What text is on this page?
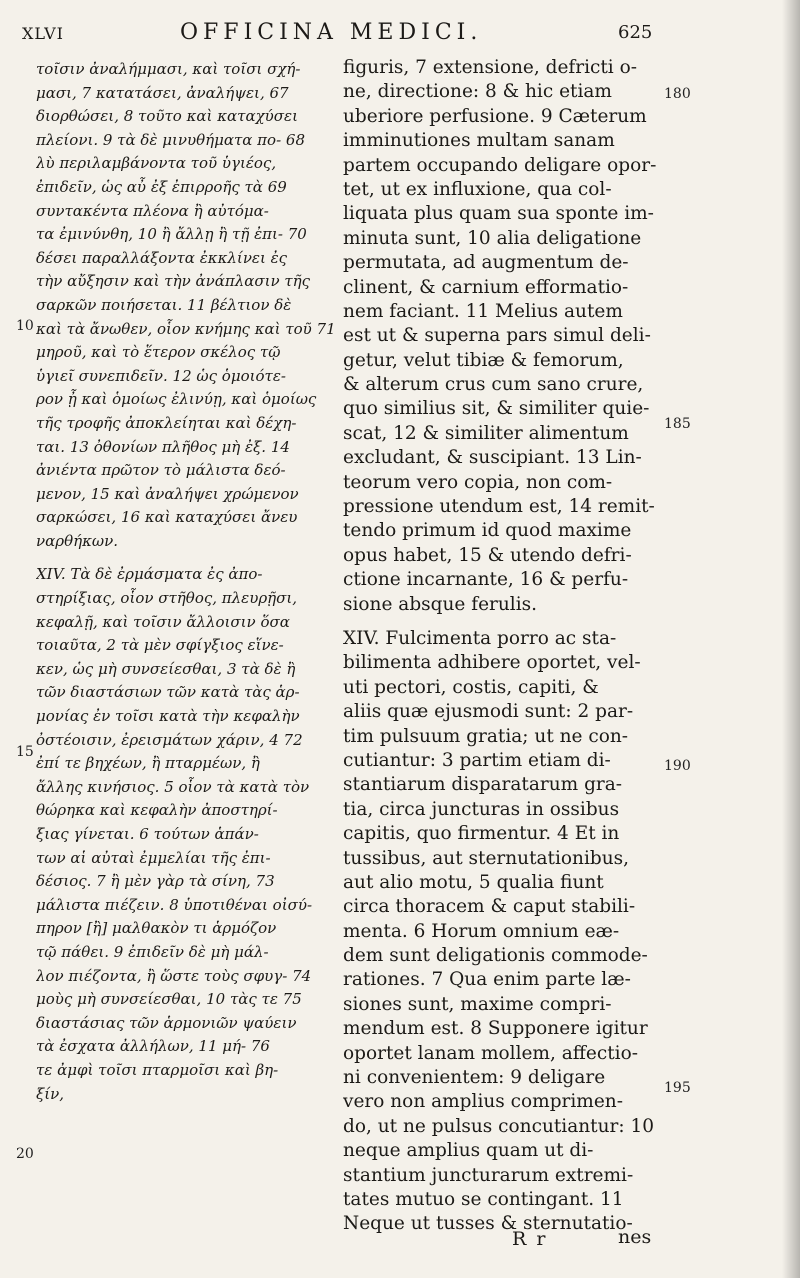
XLVI	OFFICINA MEDICI.	625
τοῖσιν ἀναλήμμασι, καὶ τοῖσι σχή-
μασι, 7 κατατάσει, ἀναλήψει, 67
διορθώσει, 8 τοῦτο καὶ καταχύσει
πλείονι. 9 τὰ δὲ μινυθήματα πο- 68
λὺ περιλαμβάνοντα τοῦ ὑγιέος,
ἐπιδεῖν, ὡς αὖ ἐξ ἐπιρροῆς τὰ 69
συντακέντα πλέονα ἢ αὐτόμα-
τα ἐμινύνθη, 10 ἢ ἄλλῃ ἢ τῇ ἐπι- 70
δέσει παραλλάξοντα ἐκκλίνει ἐς
τὴν αὔξησιν καὶ τὴν ἀνάπλασιν τῆς
σαρκῶν ποιήσεται. 11 βέλτιον δὲ
καὶ τὰ ἄνωθεν, οἷον κνήμης καὶ τοῦ 71
μηροῦ, καὶ τὸ ἕτερον σκέλος τῷ
ὑγιεῖ συνεπιδεῖν. 12 ὡς ὁμοιότε-
ρον ᾖ καὶ ὁμοίως ἐλινύῃ, καὶ ὁμοίως
τῆς τροφῆς ἀποκλείηται καὶ δέχη-
ται. 13 ὀθονίων πλῆθος μὴ ἐξ. 14
ἀνιέντα πρῶτον τὸ μάλιστα δεό-
μενον, 15 καὶ ἀναλήψει χρώμενον
σαρκώσει, 16 καὶ καταχύσει ἄνευ
ναρθήκων.
XIV. Τὰ δὲ ἐρμάσματα ἐς ἀπο-
στηρίξιας, οἷον στῆθος, πλευρῇσι,
κεφαλῇ, καὶ τοῖσιν ἄλλοισιν ὅσα
τοιαῦτα, 2 τὰ μὲν σφίγξιος εἵνε-
κεν, ὡς μὴ συνσείεσθαι, 3 τὰ δὲ ἢ
τῶν διαστάσιων τῶν κατὰ τὰς ἁρ-
μονίας ἐν τοῖσι κατὰ τὴν κεφαλὴν
ὀστέοισιν, ἐρεισμάτων χάριν, 4 72
ἐπί τε βηχέων, ἢ πταρμέων, ἢ
ἄλλης κινήσιος. 5 οἷον τὰ κατὰ τὸν
θώρηκα καὶ κεφαλὴν ἀποστηρί-
ξιας γίνεται. 6 τούτων ἁπάν-
των αἱ αὐταὶ ἐμμελίαι τῆς ἐπι-
δέσιος. 7 ἢ μὲν γὰρ τὰ σίνη, 73
μάλιστα πιέζειν. 8 ὑποτιθέναι οἰσύ-
πηρον [ἢ] μαλθακὸν τι ἁρμόζον
τῷ πάθει. 9 ἐπιδεῖν δὲ μὴ μάλ-
λον πιέζοντα, ἢ ὥστε τοὺς σφυγ- 74
μοὺς μὴ συνσείεσθαι, 10 τὰς τε 75
διαστάσιας τῶν ἁρμονιῶν ψαύειν
τὰ ἐσχατα ἀλλήλων, 11 μή- 76
τε ἀμφὶ τοῖσι πταρμοῖσι καὶ βη-
ξίν,
figuris, 7 extensione, defricti o-
ne, directione: 8 & hic etiam
uberiore perfusione. 9 Cæterum
imminutiones multam sanam
partem occupando deligare opor-
tet, ut ex influxione, qua col-
liquata plus quam sua sponte im-
minuta sunt, 10 alia deligatione
permutata, ad augmentum de-
clinent, & carnium efformatio-
nem faciant. 11 Melius autem
est ut & superna pars simul deli-
getur, velut tibiæ & femorum,
& alterum crus cum sano crure,
quo similius sit, & similiter quie-
scat, 12 & similiter alimentum
excludant, & suscipiant. 13 Lin-
teorum vero copia, non com-
pressione utendum est, 14 remit-
tendo primum id quod maxime
opus habet, 15 & utendo defri-
ctione incarnante, 16 & perfu-
sione absque ferulis.
XIV. Fulcimenta porro ac sta-
bilimenta adhibere oportet, vel-
uti pectori, costis, capiti, &
aliis quæ ejusmodi sunt: 2 par-
tim pulsuum gratia; ut ne con-
cutiantur: 3 partim etiam di-
stantiarum disparatarum gra-
tia, circa juncturas in ossibus
capitis, quo firmentur. 4 Et in
tussibus, aut sternutationibus,
aut alio motu, 5 qualia fiunt
circa thoracem & caput stabili-
menta. 6 Horum omnium eæ-
dem sunt deligationis commode-
rationes. 7 Qua enim parte læ-
siones sunt, maxime compri-
mendum est. 8 Supponere igitur
oportet lanam mollem, affectio-
ni convenientem: 9 deligare
vero non amplius comprimen-
do, ut ne pulsus concutiantur: 10
neque amplius quam ut di-
stantium juncturarum extremi-
tates mutuo se contingant. 11
Neque ut tusses & sternutatio-
10
15
20
180
185
190
195
R r	nes
